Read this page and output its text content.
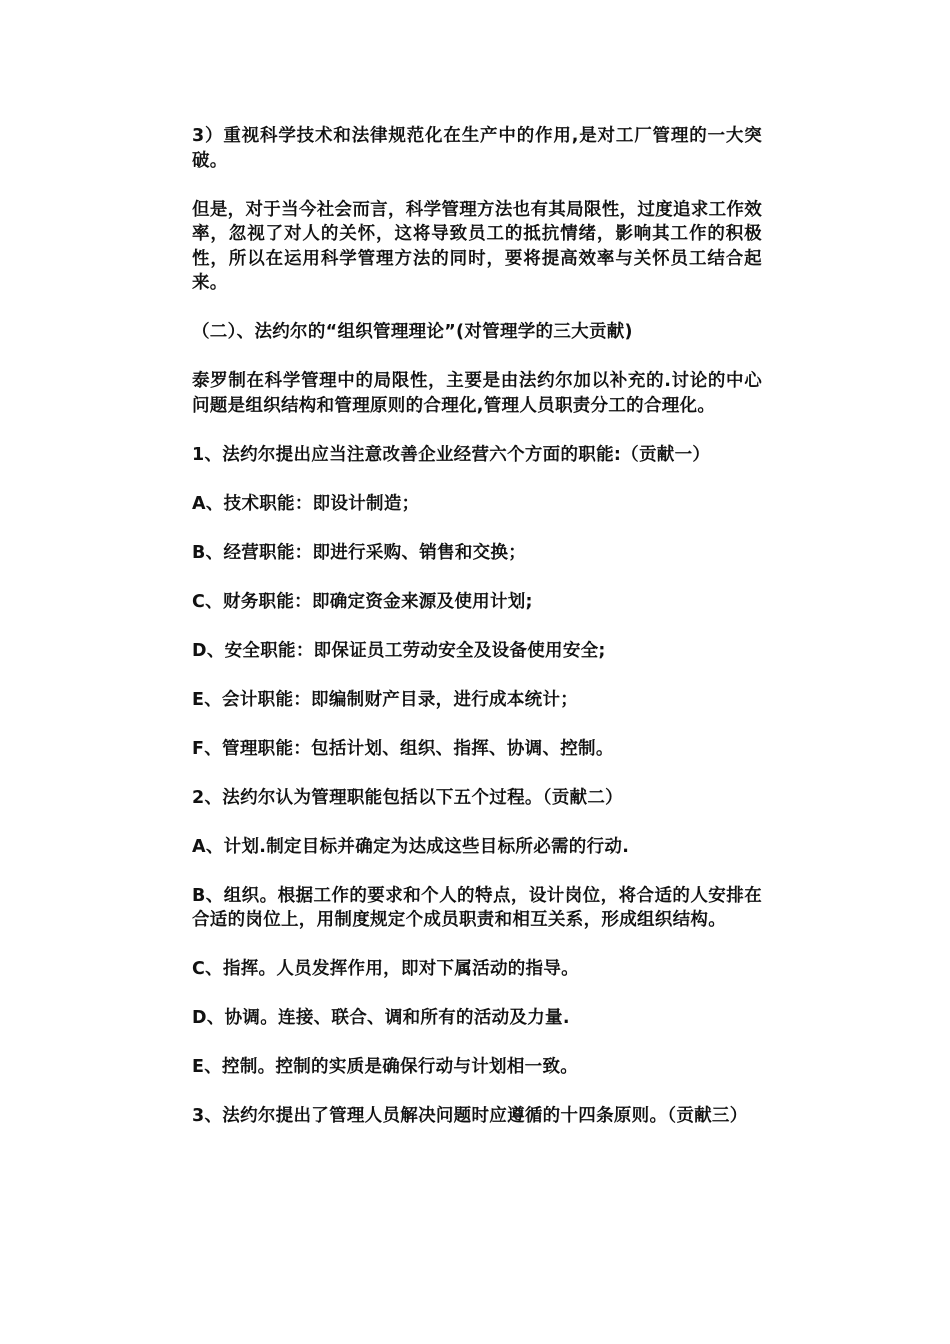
3）重视科学技术和法律规范化在生产中的作用,是对工厂管理的一大突破。

但是，对于当今社会而言，科学管理方法也有其局限性，过度追求工作效率，忽视了对人的关怀，这将导致员工的抵抗情绪，影响其工作的积极性，所以在运用科学管理方法的同时，要将提高效率与关怀员工结合起来。

（二）、法约尔的“组织管理理论”(对管理学的三大贡献)

泰罗制在科学管理中的局限性，主要是由法约尔加以补充的.讨论的中心问题是组织结构和管理原则的合理化,管理人员职责分工的合理化。

1、法约尔提出应当注意改善企业经营六个方面的职能:（贡献一）

A、技术职能：即设计制造；

B、经营职能：即进行采购、销售和交换；

C、财务职能：即确定资金来源及使用计划;

D、安全职能：即保证员工劳动安全及设备使用安全;

E、会计职能：即编制财产目录，进行成本统计；

F、管理职能：包括计划、组织、指挥、协调、控制。

2、法约尔认为管理职能包括以下五个过程。（贡献二）

A、计划.制定目标并确定为达成这些目标所必需的行动.

B、组织。根据工作的要求和个人的特点，设计岗位，将合适的人安排在合适的岗位上，用制度规定个成员职责和相互关系，形成组织结构。

C、指挥。人员发挥作用，即对下属活动的指导。

D、协调。连接、联合、调和所有的活动及力量.

E、控制。控制的实质是确保行动与计划相一致。

3、法约尔提出了管理人员解决问题时应遵循的十四条原则。（贡献三）
